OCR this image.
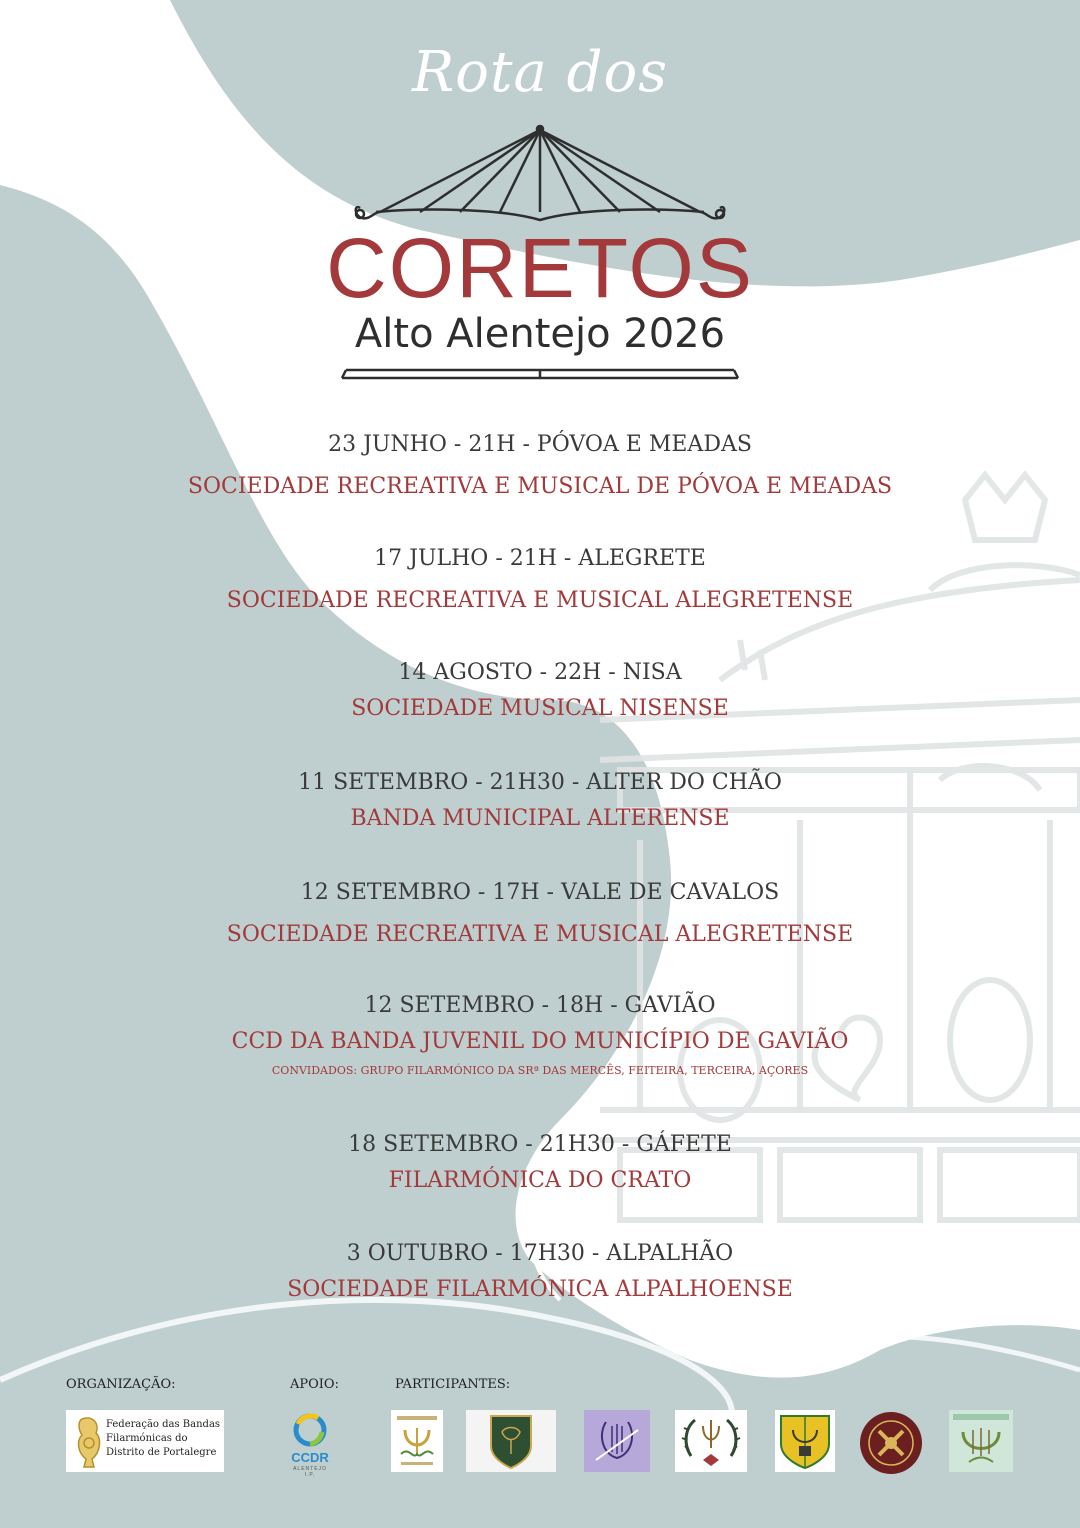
Rota dos
CORETOS
Alto Alentejo 2026
23 JUNHO - 21H - PÓVOA E MEADAS
SOCIEDADE RECREATIVA E MUSICAL DE PÓVOA E MEADAS
17 JULHO - 21H - ALEGRETE
SOCIEDADE RECREATIVA E MUSICAL ALEGRETENSE
14 AGOSTO - 22H - NISA
SOCIEDADE MUSICAL NISENSE
11 SETEMBRO - 21H30 - ALTER DO CHÃO
BANDA MUNICIPAL ALTERENSE
12 SETEMBRO - 17H - VALE DE CAVALOS
SOCIEDADE RECREATIVA E MUSICAL ALEGRETENSE
12 SETEMBRO - 18H - GAVIÃO
CCD DA BANDA JUVENIL DO MUNICÍPIO DE GAVIÃO
CONVIDADOS: GRUPO FILARMÓNICO DA SRª DAS MERCÊS, FEITEIRA, TERCEIRA, AÇORES
18 SETEMBRO - 21H30 - GÁFETE
FILARMÓNICA DO CRATO
3 OUTUBRO - 17H30 - ALPALHÃO
SOCIEDADE FILARMÓNICA ALPALHOENSE
ORGANIZAÇÃO:	APOIO:	PARTICIPANTES:
Federação das Bandas
Filarmónicas do
Distrito de Portalegre	CCDR
ALENTEJO I.P.
